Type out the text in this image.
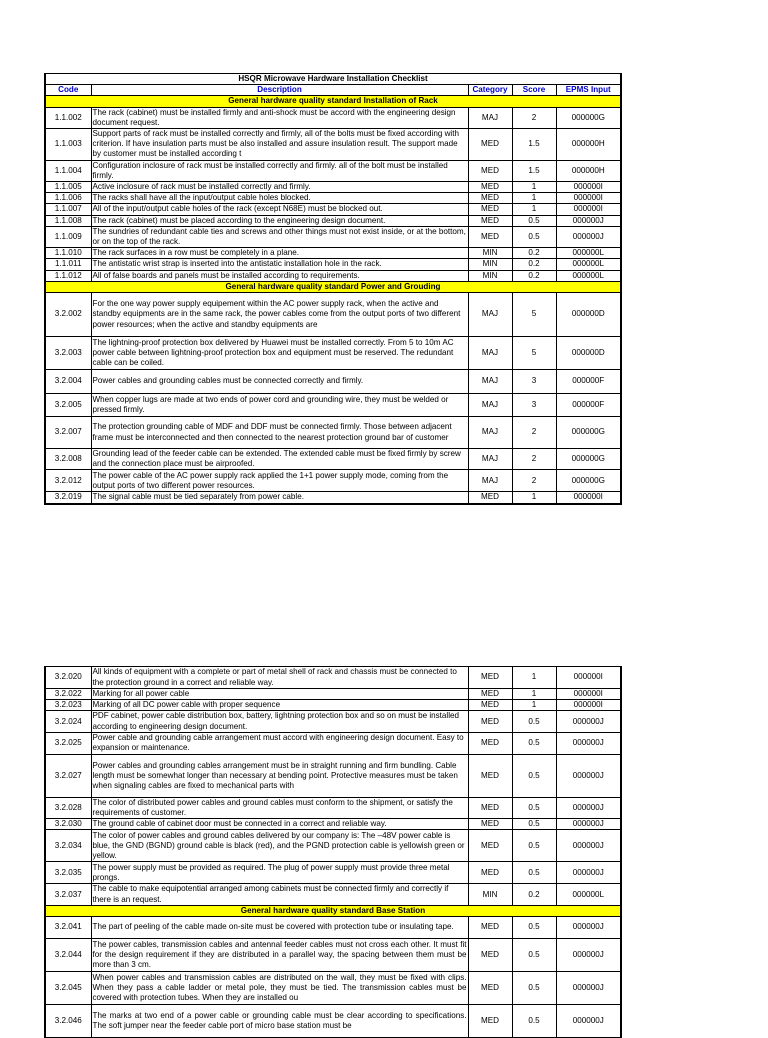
HSQR Microwave Hardware Installation Checklist				
Code	Description	Category	Score	EPMS Input
General hardware quality standard Installation of Rack				
1.1.002	The rack (cabinet) must be installed firmly and anti-shock must be accord with the engineering design document request.	MAJ	2	000000G
1.1.003	Support parts of rack must be installed correctly and firmly, all of the bolts must be fixed according with criterion. If have insulation parts must be also installed and assure insulation result. The support made by customer must be installed according t	MED	1.5	000000H
1.1.004	Configuration inclosure of rack must be installed correctly and firmly. all of the bolt must be installed firmly.	MED	1.5	000000H
1.1.005	Active inclosure of rack must be installed correctly and firmly.	MED	1	000000I
1.1.006	The racks shall have all the input/output cable holes blocked.	MED	1	000000I
1.1.007	All of the input/output cable holes of the rack (except N68E) must be blocked out.	MED	1	000000I
1.1.008	The rack (cabinet) must be placed according to the engineering design document.	MED	0.5	000000J
1.1.009	The sundries of redundant cable ties and screws and other things must not exist inside, or at the bottom, or on the top of the rack.	MED	0.5	000000J
1.1.010	The rack surfaces in a row must be completely in a plane.	MIN	0.2	000000L
1.1.011	The antistatic wrist strap is inserted into the antistatic installation hole in the rack.	MIN	0.2	000000L
1.1.012	All of false boards and panels must be installed according to requirements.	MIN	0.2	000000L
General hardware quality standard Power and Grouding				
3.2.002	For the one way power supply equipement within the AC power supply rack, when the active and standby equipments are in the same rack, the power cables come from the output ports of two different power resources; when the active and standby equipments are	MAJ	5	000000D
3.2.003	The lightning-proof protection box delivered by Huawei must be installed correctly. From 5 to 10m AC power cable between lightning-proof protection box and equipment must be reserved. The redundant cable can be coiled.	MAJ	5	000000D
3.2.004	Power cables and grounding cables must be connected correctly and firmly.	MAJ	3	000000F
3.2.005	When copper lugs are made at two ends of power cord and grounding wire, they must be welded or pressed firmly.	MAJ	3	000000F
3.2.007	The protection grounding cable of MDF and DDF must be connected firmly. Those between adjacent frame must be interconnected and then connected to the nearest protection ground bar of customer	MAJ	2	000000G
3.2.008	Grounding lead of the feeder cable can be extended. The extended cable must be fixed firmly by screw and the connection place must be airproofed.	MAJ	2	000000G
3.2.012	The power cable of the AC power supply rack applied the 1+1 power supply mode, coming from the output ports of two different power resources.	MAJ	2	000000G
3.2.019	The signal cable must be tied separately from power cable.	MED	1	000000I
3.2.020	All kinds of equipment with a complete or part of metal shell of rack and chassis must be connected to the protection ground in a correct and reliable way.	MED	1	000000I
3.2.022	Marking for all power cable	MED	1	000000I
3.2.023	Marking of all DC power cable with proper sequence	MED	1	000000I
3.2.024	PDF cabinet, power cable distribution box, battery, lightning protection box and so on must be installed according to engineering design document.	MED	0.5	000000J
3.2.025	Power cable and grounding cable arrangement must accord with engineering design document. Easy to expansion or maintenance.	MED	0.5	000000J
3.2.027	Power cables and grounding cables arrangement must be in straight running and firm bundling. Cable length must be somewhat longer than necessary at bending point. Protective measures must be taken when signaling cables are fixed to mechanical parts with	MED	0.5	000000J
3.2.028	The color of distributed power cables and ground cables must conform to the shipment, or satisfy the requirements of customer.	MED	0.5	000000J
3.2.030	The ground cable of cabinet door must be connected in a correct and reliable way.	MED	0.5	000000J
3.2.034	The color of power cables and ground cables delivered by our company is: The –48V power cable is blue, the GND (BGND) ground cable is black (red), and the PGND protection cable is yellowish green or yellow.	MED	0.5	000000J
3.2.035	The power supply must be provided as required. The plug of power supply must provide three metal prongs.	MED	0.5	000000J
3.2.037	The cable to make equipotential arranged among cabinets must be connected firmly and correctly if there is an request.	MIN	0.2	000000L
General hardware quality standard Base Station				
3.2.041	The part of peeling of the cable made on-site must be covered with protection tube or insulating tape.	MED	0.5	000000J
3.2.044	The power cables, transmission cables and antennal feeder cables must not cross each other. It must fit for the design requirement if they are distributed in a parallel way, the spacing between them must be more than 3 cm.	MED	0.5	000000J
3.2.045	When power cables and transmission cables are distributed on the wall, they must be fixed with clips. When they pass a cable ladder or metal pole, they must be tied. The transmission cables must be covered with protection tubes. When they are installed ou	MED	0.5	000000J
3.2.046	The marks at two end of a power cable or grounding cable must be clear according to specifications. The soft jumper near the feeder cable port of micro base station must be	MED	0.5	000000J
